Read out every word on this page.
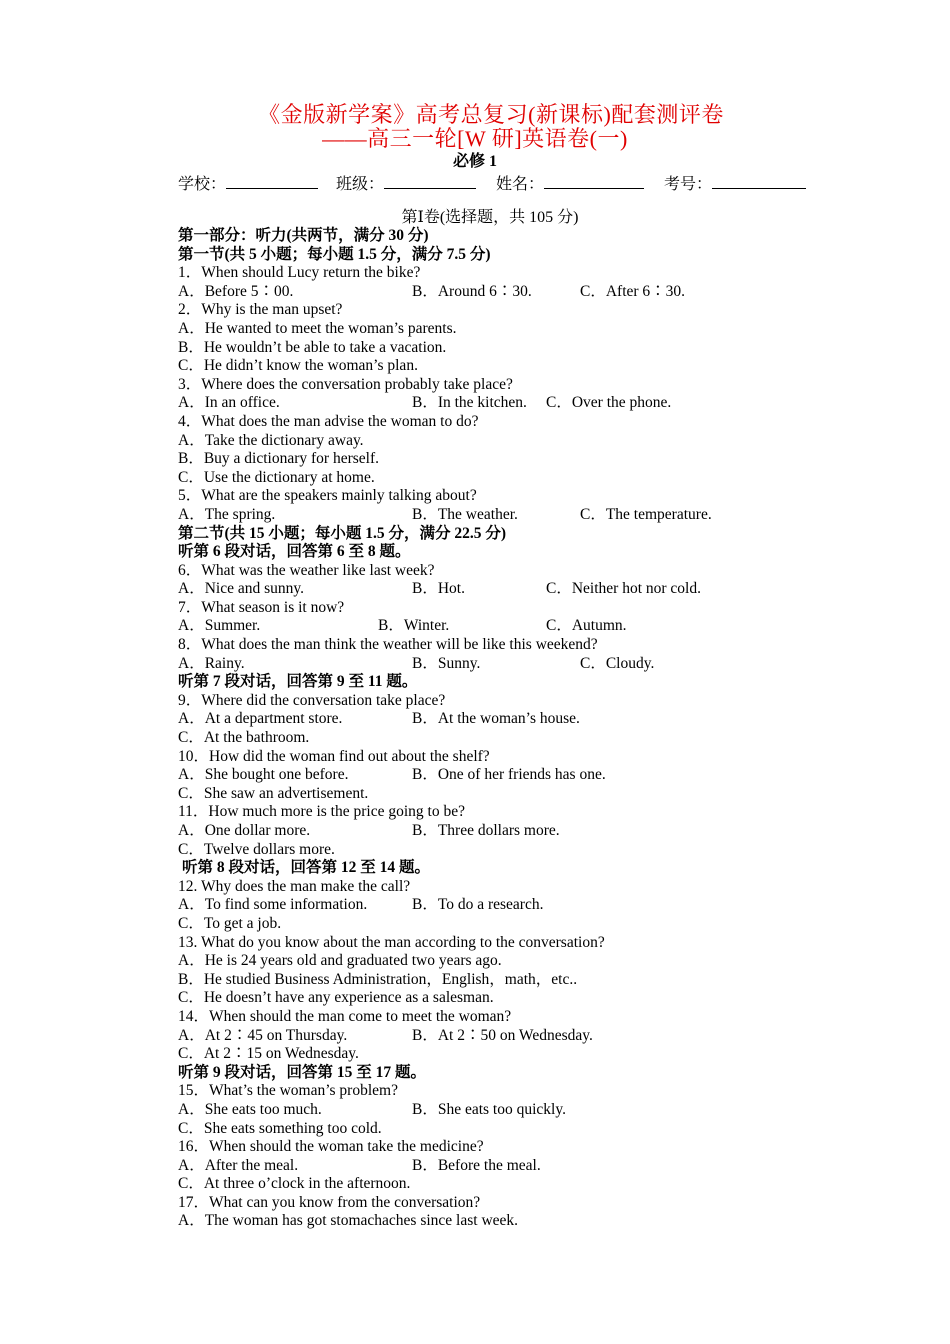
《金版新学案》高考总复习(新课标)配套测评卷
——高三一轮[W 研]英语卷(一)
必修 1
学校：	班级：	姓名：	考号：
第Ⅰ卷(选择题，共 105 分)
第一部分：听力(共两节，满分 30 分)
第一节(共 5 小题；每小题 1.5 分，满分 7.5 分)
1．When should Lucy return the bike?
A．Before 5∶00.	B．Around 6∶30.	C．After 6∶30.
2．Why is the man upset?
A．He wanted to meet the woman’s parents.
B．He wouldn’t be able to take a vacation.
C．He didn’t know the woman’s plan.
3．Where does the conversation probably take place?
A．In an office.	B．In the kitchen. C．Over the phone.
4．What does the man advise the woman to do?
A．Take the dictionary away.
B．Buy a dictionary for herself.
C．Use the dictionary at home.
5．What are the speakers mainly talking about?
A．The spring.	B．The weather.	C．The temperature.
第二节(共 15 小题；每小题 1.5 分，满分 22.5 分)
听第 6 段对话，回答第 6 至 8 题。
6．What was the weather like last week?
A．Nice and sunny.	B．Hot.	C．Neither hot nor cold.
7．What season is it now?
A．Summer.	B．Winter.	C．Autumn.
8．What does the man think the weather will be like this weekend?
A．Rainy.	B．Sunny.	C．Cloudy.
听第 7 段对话，回答第 9 至 11 题。
9．Where did the conversation take place?
A．At a department store.	B．At the woman’s house.
C．At the bathroom.
10．How did the woman find out about the shelf?
A．She bought one before.	B．One of her friends has one.
C．She saw an advertisement.
11．How much more is the price going to be?
A．One dollar more.	B．Three dollars more.
C．Twelve dollars more.
听第 8 段对话，回答第 12 至 14 题。
12. Why does the man make the call?
A．To find some information.	B．To do a research.
C．To get a job.
13. What do you know about the man according to the conversation?
A．He is 24 years old and graduated two years ago.
B．He studied Business Administration，English，math，etc..
C．He doesn’t have any experience as a salesman.
14．When should the man come to meet the woman?
A．At 2∶45 on Thursday.	B．At 2∶50 on Wednesday.
C．At 2∶15 on Wednesday.
听第 9 段对话，回答第 15 至 17 题。
15．What’s the woman’s problem?
A．She eats too much.	B．She eats too quickly.
C．She eats something too cold.
16．When should the woman take the medicine?
A．After the meal.	B．Before the meal.
C．At three o’clock in the afternoon.
17．What can you know from the conversation?
A．The woman has got stomachaches since last week.
